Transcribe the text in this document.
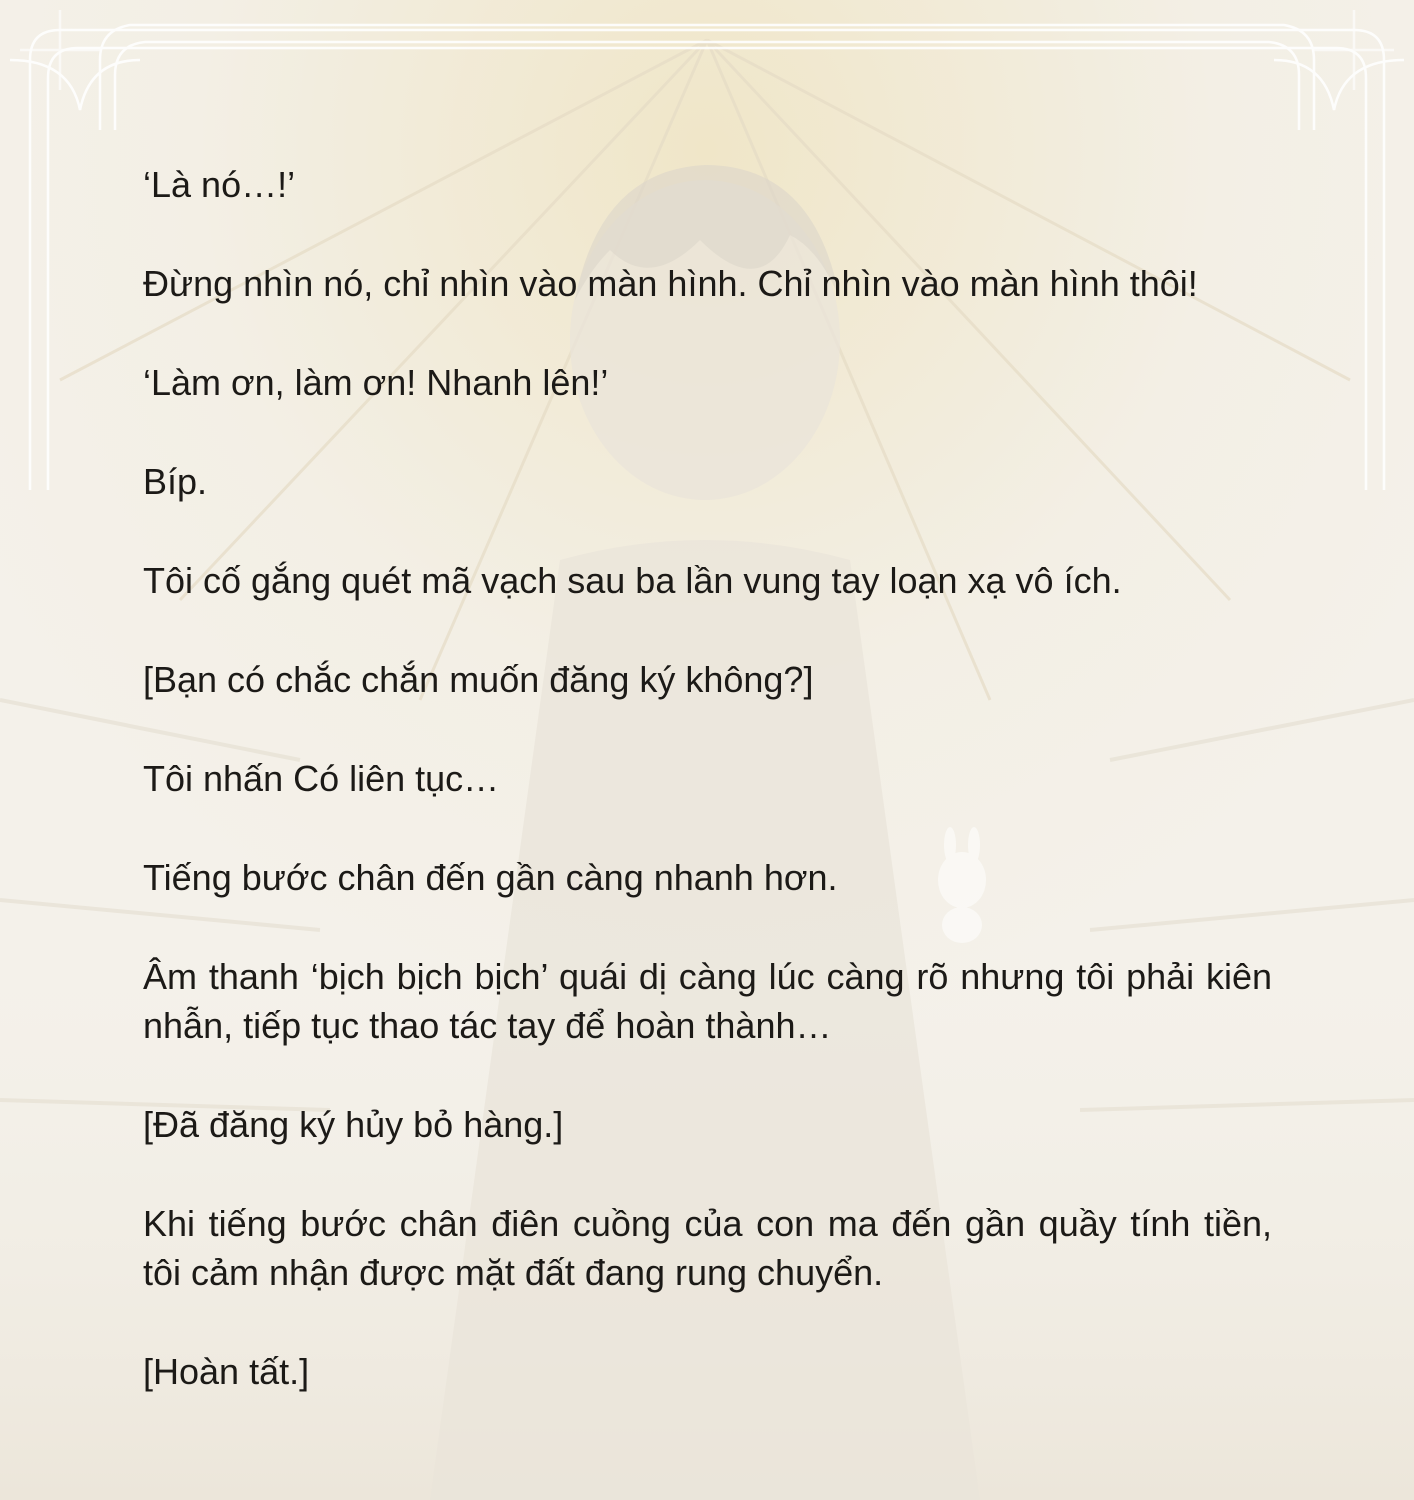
‘Là nó…!’

Đừng nhìn nó, chỉ nhìn vào màn hình. Chỉ nhìn vào màn hình thôi!

‘Làm ơn, làm ơn! Nhanh lên!’

Bíp.

Tôi cố gắng quét mã vạch sau ba lần vung tay loạn xạ vô ích.

[Bạn có chắc chắn muốn đăng ký không?]

Tôi nhấn Có liên tục…

Tiếng bước chân đến gần càng nhanh hơn.

Âm thanh ‘bịch bịch bịch’ quái dị càng lúc càng rõ nhưng tôi phải kiên nhẫn, tiếp tục thao tác tay để hoàn thành…

[Đã đăng ký hủy bỏ hàng.]

Khi tiếng bước chân điên cuồng của con ma đến gần quầy tính tiền, tôi cảm nhận được mặt đất đang rung chuyển.

[Hoàn tất.]
